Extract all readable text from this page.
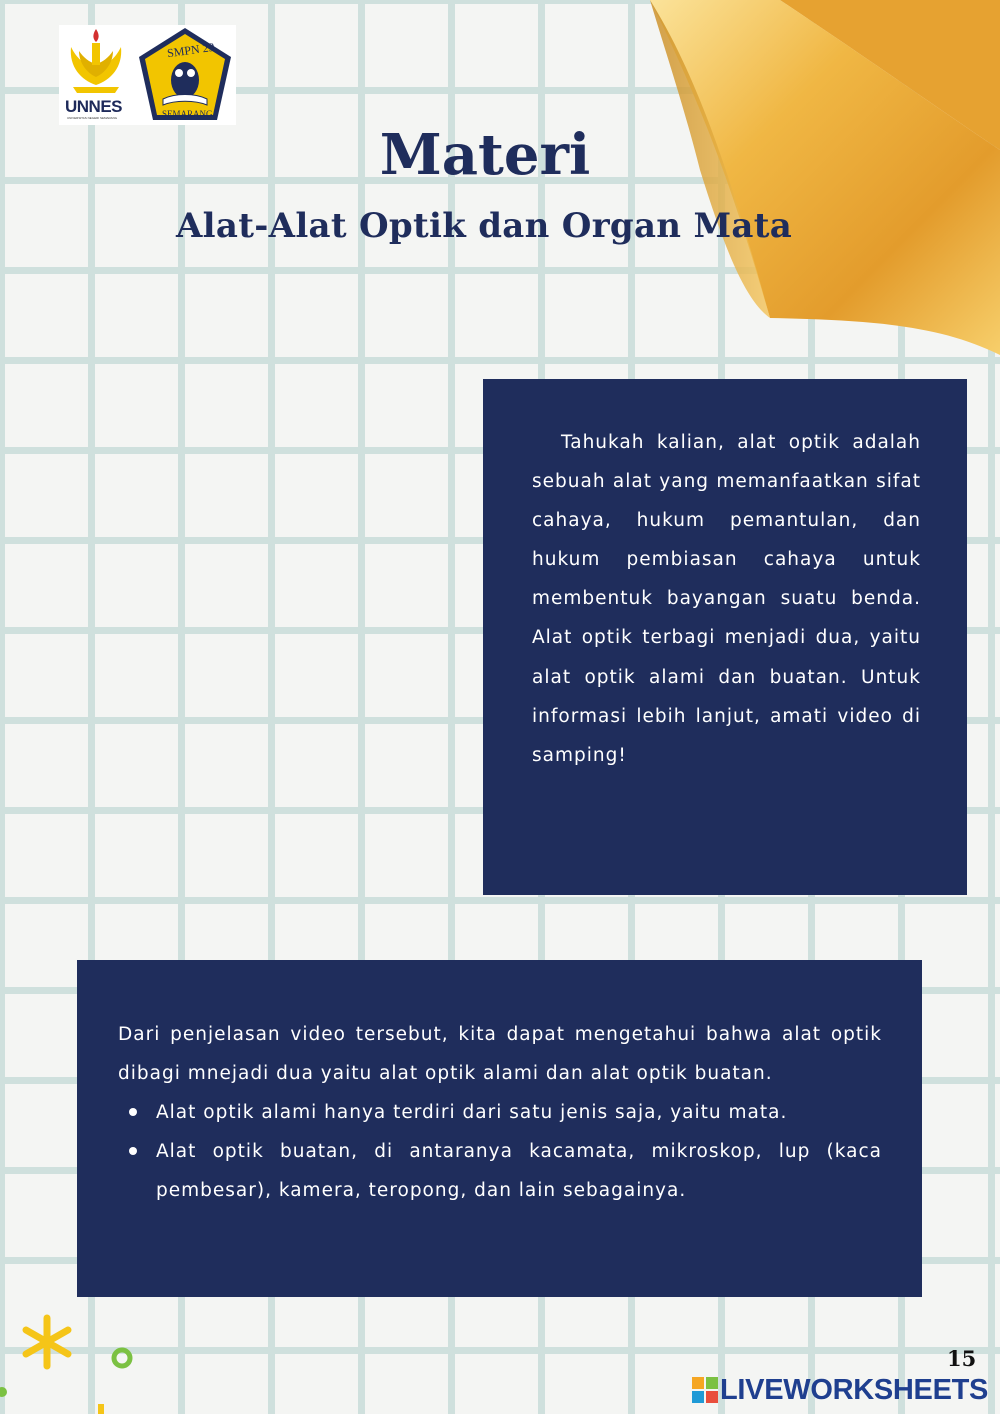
UNNES
UNIVERSITAS NEGERI SEMARANG
SMPN 29
SEMARANG
Materi
Alat-Alat Optik dan Organ Mata

Tahukah kalian, alat optik adalah sebuah alat yang memanfaatkan sifat cahaya, hukum pemantulan, dan hukum pembiasan cahaya untuk membentuk bayangan suatu benda. Alat optik terbagi menjadi dua, yaitu alat optik alami dan buatan. Untuk informasi lebih lanjut, amati video di samping!

Dari penjelasan video tersebut, kita dapat mengetahui bahwa alat optik dibagi mnejadi dua yaitu alat optik alami dan alat optik buatan.

Alat optik alami hanya terdiri dari satu jenis saja, yaitu mata.
Alat optik buatan, di antaranya kacamata, mikroskop, lup (kaca pembesar), kamera, teropong, dan lain sebagainya.
15
LIVEWORKSHEETS
